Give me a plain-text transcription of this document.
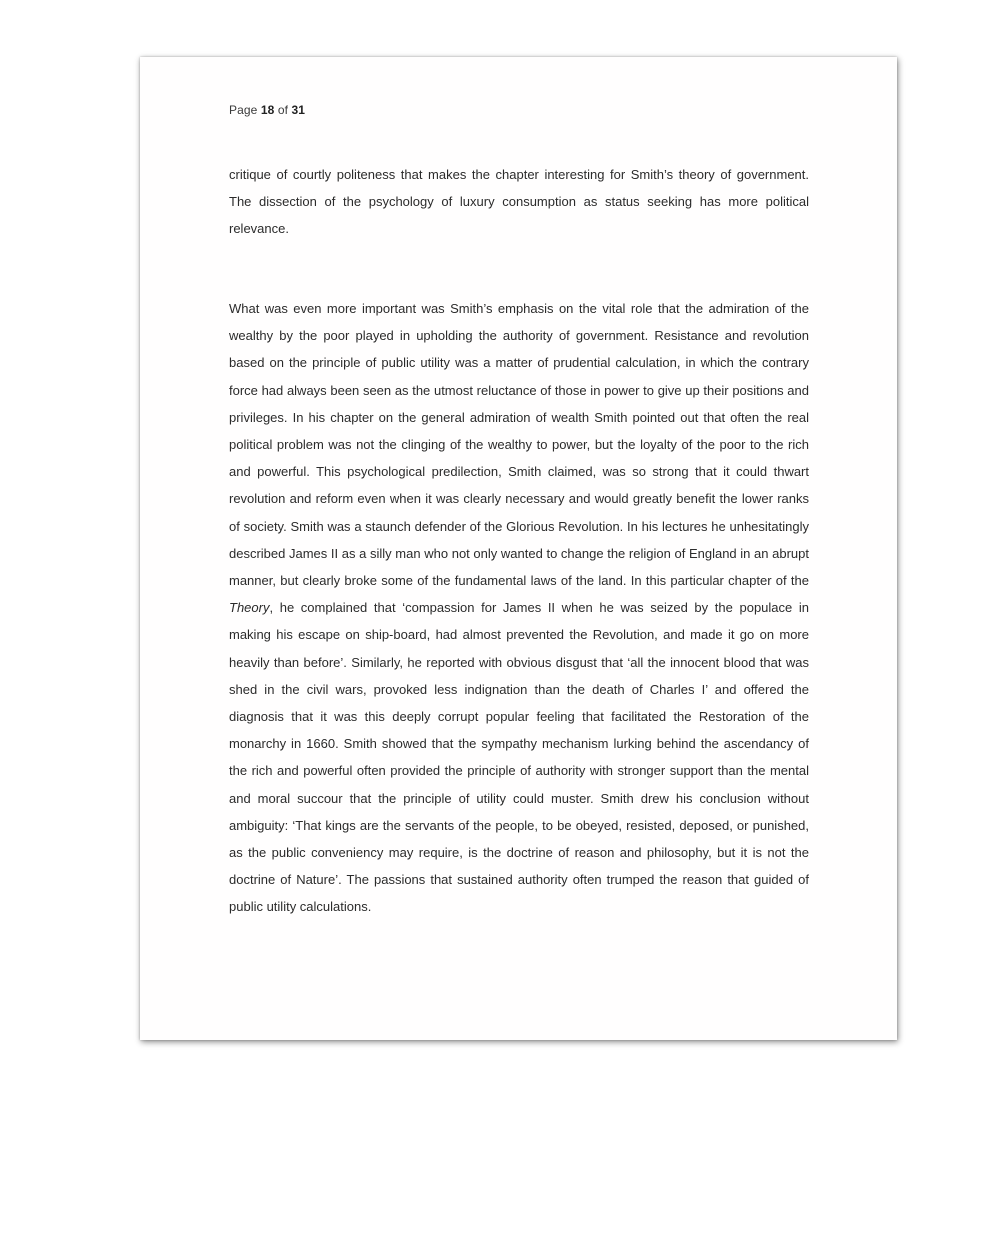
Page 18 of 31

critique of courtly politeness that makes the chapter interesting for Smith’s theory of government. The dissection of the psychology of luxury consumption as status seeking has more political relevance.

What was even more important was Smith’s emphasis on the vital role that the admiration of the wealthy by the poor played in upholding the authority of government. Resistance and revolution based on the principle of public utility was a matter of prudential calculation, in which the contrary force had always been seen as the utmost reluctance of those in power to give up their positions and privileges. In his chapter on the general admiration of wealth Smith pointed out that often the real political problem was not the clinging of the wealthy to power, but the loyalty of the poor to the rich and powerful. This psychological predilection, Smith claimed, was so strong that it could thwart revolution and reform even when it was clearly necessary and would greatly benefit the lower ranks of society. Smith was a staunch defender of the Glorious Revolution. In his lectures he unhesitatingly described James II as a silly man who not only wanted to change the religion of England in an abrupt manner, but clearly broke some of the fundamental laws of the land. In this particular chapter of the Theory, he complained that ‘compassion for James II when he was seized by the populace in making his escape on ship-board, had almost prevented the Revolution, and made it go on more heavily than before’. Similarly, he reported with obvious disgust that ‘all the innocent blood that was shed in the civil wars, provoked less indignation than the death of Charles I’ and offered the diagnosis that it was this deeply corrupt popular feeling that facilitated the Restoration of the monarchy in 1660. Smith showed that the sympathy mechanism lurking behind the ascendancy of the rich and powerful often provided the principle of authority with stronger support than the mental and moral succour that the principle of utility could muster. Smith drew his conclusion without ambiguity: ‘That kings are the servants of the people, to be obeyed, resisted, deposed, or punished, as the public conveniency may require, is the doctrine of reason and philosophy, but it is not the doctrine of Nature’. The passions that sustained authority often trumped the reason that guided of public utility calculations.
